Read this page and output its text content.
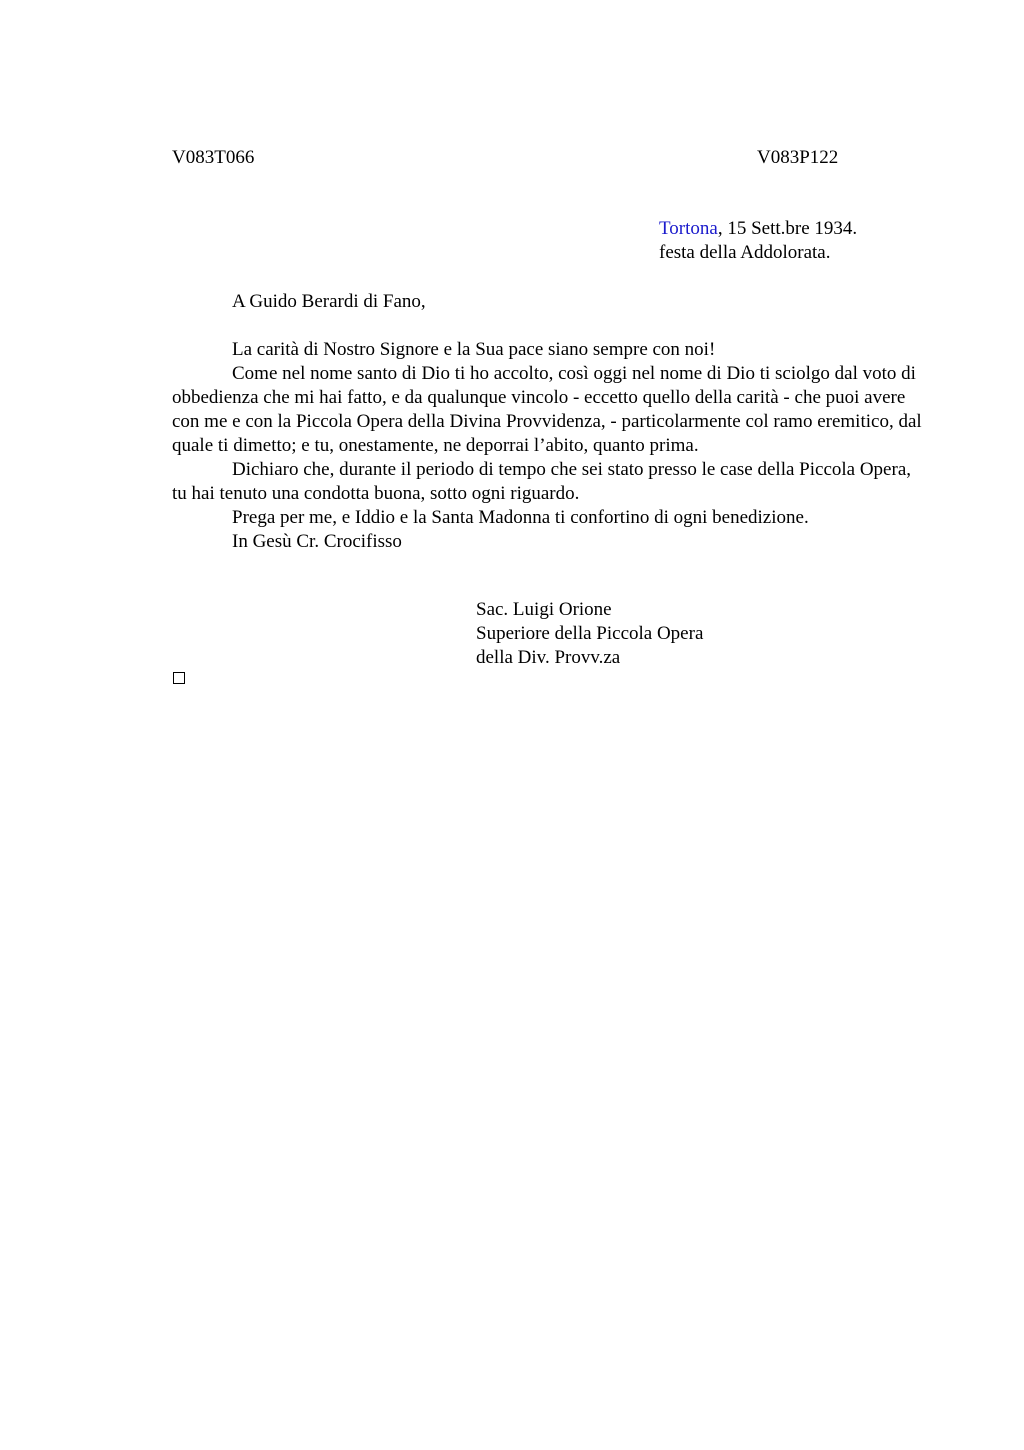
V083T066	V083P122
Tortona, 15 Sett.bre 1934.
festa della Addolorata.
A Guido Berardi di Fano,

La carità di Nostro Signore e la Sua pace siano sempre con noi!

Come nel nome santo di Dio ti ho accolto, così oggi nel nome di Dio ti sciolgo dal voto di obbedienza che mi hai fatto, e da qualunque vincolo - eccetto quello della carità - che puoi avere con me e con la Piccola Opera della Divina Provvidenza, - particolarmente col ramo eremitico, dal quale ti dimetto; e tu, onestamente, ne deporrai l’abito, quanto prima.

Dichiaro che, durante il periodo di tempo che sei stato presso le case della Piccola Opera, tu hai tenuto una condotta buona, sotto ogni riguardo.

Prega per me, e Iddio e la Santa Madonna ti confortino di ogni benedizione.

In Gesù Cr. Crocifisso

Sac. Luigi Orione
Superiore della Piccola Opera
della Div. Provv.za
